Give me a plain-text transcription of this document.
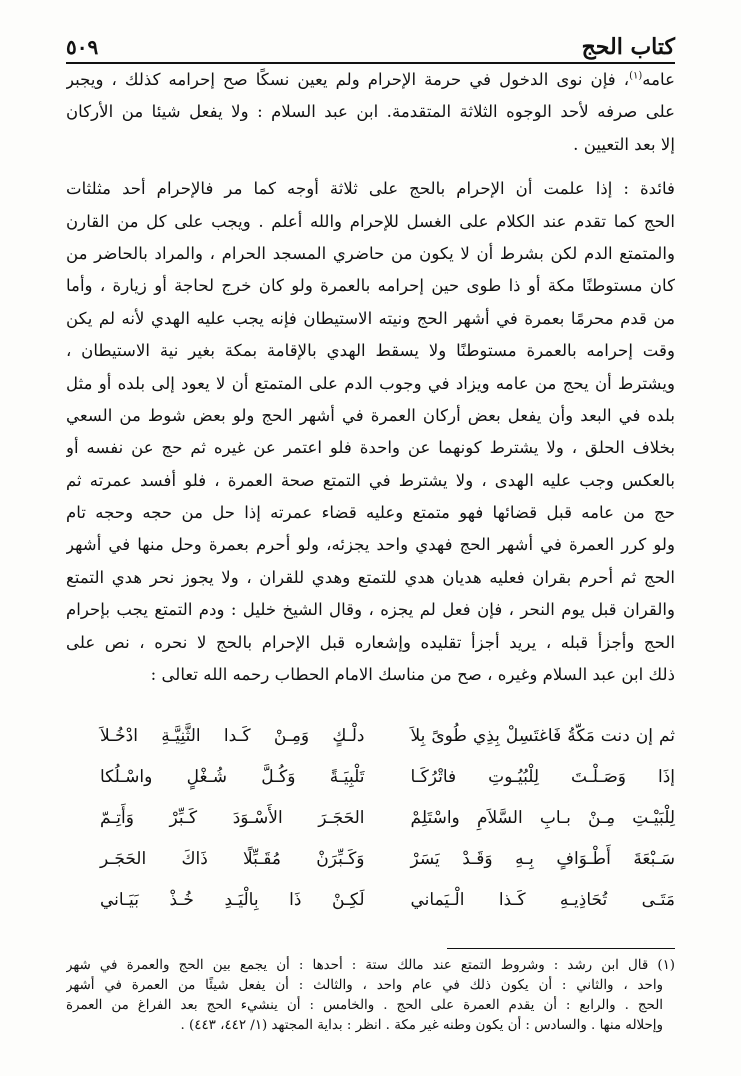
كتاب الحج
٥٠٩
عامه$^{(١)}$، فإن نوى الدخول في حرمة الإحرام ولم يعين نسكًا صح إحرامه كذلك ، ويجبر
على صرفه لأحد الوجوه الثلاثة المتقدمة. ابن عبد السلام : ولا يفعل شيئا من الأركان
إلا بعد التعيين .
فائدة : إذا علمت أن الإحرام بالحج على ثلاثة أوجه كما مر فالإحرام أحد مثلثات
الحج كما تقدم عند الكلام على الغسل للإحرام والله أعلم . ويجب على كل من القارن
والمتمتع الدم لكن بشرط أن لا يكون من حاضري المسجد الحرام ، والمراد بالحاضر من
كان مستوطنًا مكة أو ذا طوى حين إحرامه بالعمرة ولو كان خرج لحاجة أو زيارة ، وأما
من قدم محرمًا بعمرة في أشهر الحج ونيته الاستيطان فإنه يجب عليه الهدي لأنه لم يكن
وقت إحرامه بالعمرة مستوطنًا ولا يسقط الهدي بالإقامة بمكة بغير نية الاستيطان ،
ويشترط أن يحج من عامه ويزاد في وجوب الدم على المتمتع أن لا يعود إلى بلده أو مثل
بلده في البعد وأن يفعل بعض أركان العمرة في أشهر الحج ولو بعض شوط من السعي
بخلاف الحلق ، ولا يشترط كونهما عن واحدة فلو اعتمر عن غيره ثم حج عن نفسه أو
بالعكس وجب عليه الهدى ، ولا يشترط في التمتع صحة العمرة ، فلو أفسد عمرته ثم
حج من عامه قبل قضائها فهو متمتع وعليه قضاء عمرته إذا حل من حجه وحجه تام
ولو كرر العمرة في أشهر الحج فهدي واحد يجزئه، ولو أحرم بعمرة وحل منها في أشهر
الحج ثم أحرم بقران فعليه هديان هدي للتمتع وهدي للقران ، ولا يجوز نحر هدي التمتع
والقران قبل يوم النحر ، فإن فعل لم يجزه ، وقال الشيخ خليل : ودم التمتع يجب بإحرام
الحج وأجزأ قبله ، يريد أجزأ تقليده وإشعاره قبل الإحرام بالحج لا نحره ، نص على
ذلك ابن عبد السلام وغيره ، صح من مناسك الامام الحطاب رحمه الله تعالى :
ثم إن دنت مَكّةُ فَاغتَسِلْ بِذِي طُوىً بِلاَ
دلْـكٍ وَمِـنْ كَـدا الثَّنِيَّـةِ ادْخُـلاَ
إذَا وَصَـلْـتَ لِلْبُيُـوتِ فاتْرُكَـا
تَلْبِيَـةً وَكُـلَّ شُـغْلٍ واسْـلُكا
لِلْبَيْـتِ مِـنْ بـابِ السَّلاَمِ واسْتَلِمْ
الحَجَـرَ الأَسْـوَدَ كَـبِّرْ وَأَتِـمّ
سَـبْعَةَ أَطْـوَافٍ بِـهِ وَقَـدْ يَسَرْ
وَكَـبِّرَنْ مُقَـبِّلًا ذَاكَ الحَجَـر
مَتَـى تُحَاذِيـهِ كَـذا الْـيَماني
لَكِـنْ ذَا بِالْيَـدِ خُـذْ بَيَـاني
(١) قال ابن رشد : وشروط التمتع عند مالك ستة : أحدها : أن يجمع بين الحج والعمرة في شهر
واحد ، والثاني : أن يكون ذلك في عام واحد ، والثالث : أن يفعل شيئًا من العمرة في أشهر
الحج . والرابع : أن يقدم العمرة على الحج . والخامس : أن ينشيء الحج بعد الفراغ من العمرة
وإحلاله منها . والسادس : أن يكون وطنه غير مكة . انظر : بداية المجتهد (١/ ٤٤٢، ٤٤٣) .
